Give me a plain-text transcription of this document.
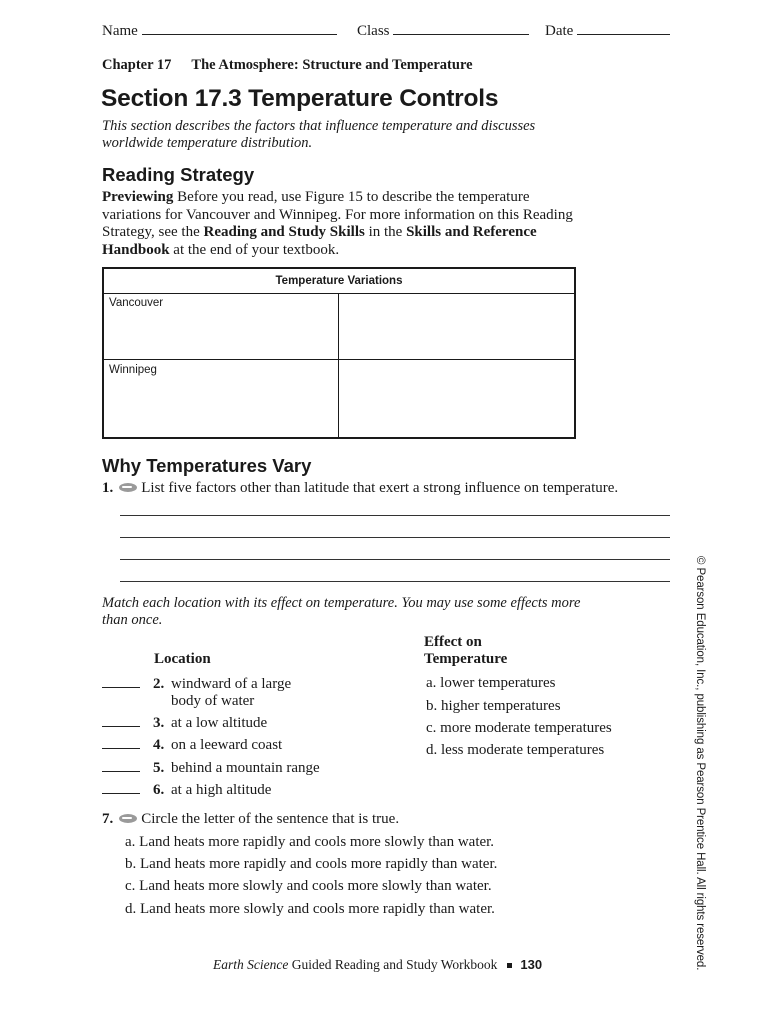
Name	Class	Date
Chapter 17 The Atmosphere: Structure and Temperature
Section 17.3 Temperature Controls
This section describes the factors that influence temperature and discusses worldwide temperature distribution.
Reading Strategy
Previewing Before you read, use Figure 15 to describe the temperature variations for Vancouver and Winnipeg. For more information on this Reading Strategy, see the Reading and Study Skills in the Skills and Reference Handbook at the end of your textbook.
Temperature Variations
Vancouver
Winnipeg
Why Temperatures Vary
1. List five factors other than latitude that exert a strong influence on temperature.
Match each location with its effect on temperature. You may use some effects more than once.
Location
Effect on
Temperature
2. windward of a large
body of water
3. at a low altitude
4. on a leeward coast
5. behind a mountain range
6. at a high altitude
a. lower temperatures
b. higher temperatures
c. more moderate temperatures
d. less moderate temperatures
7. Circle the letter of the sentence that is true.
a. Land heats more rapidly and cools more slowly than water.
b. Land heats more rapidly and cools more rapidly than water.
c. Land heats more slowly and cools more slowly than water.
d. Land heats more slowly and cools more rapidly than water.	© Pearson Education, Inc., publishing as Pearson Prentice Hall. All rights reserved.
Earth Science Guided Reading and Study Workbook 130
